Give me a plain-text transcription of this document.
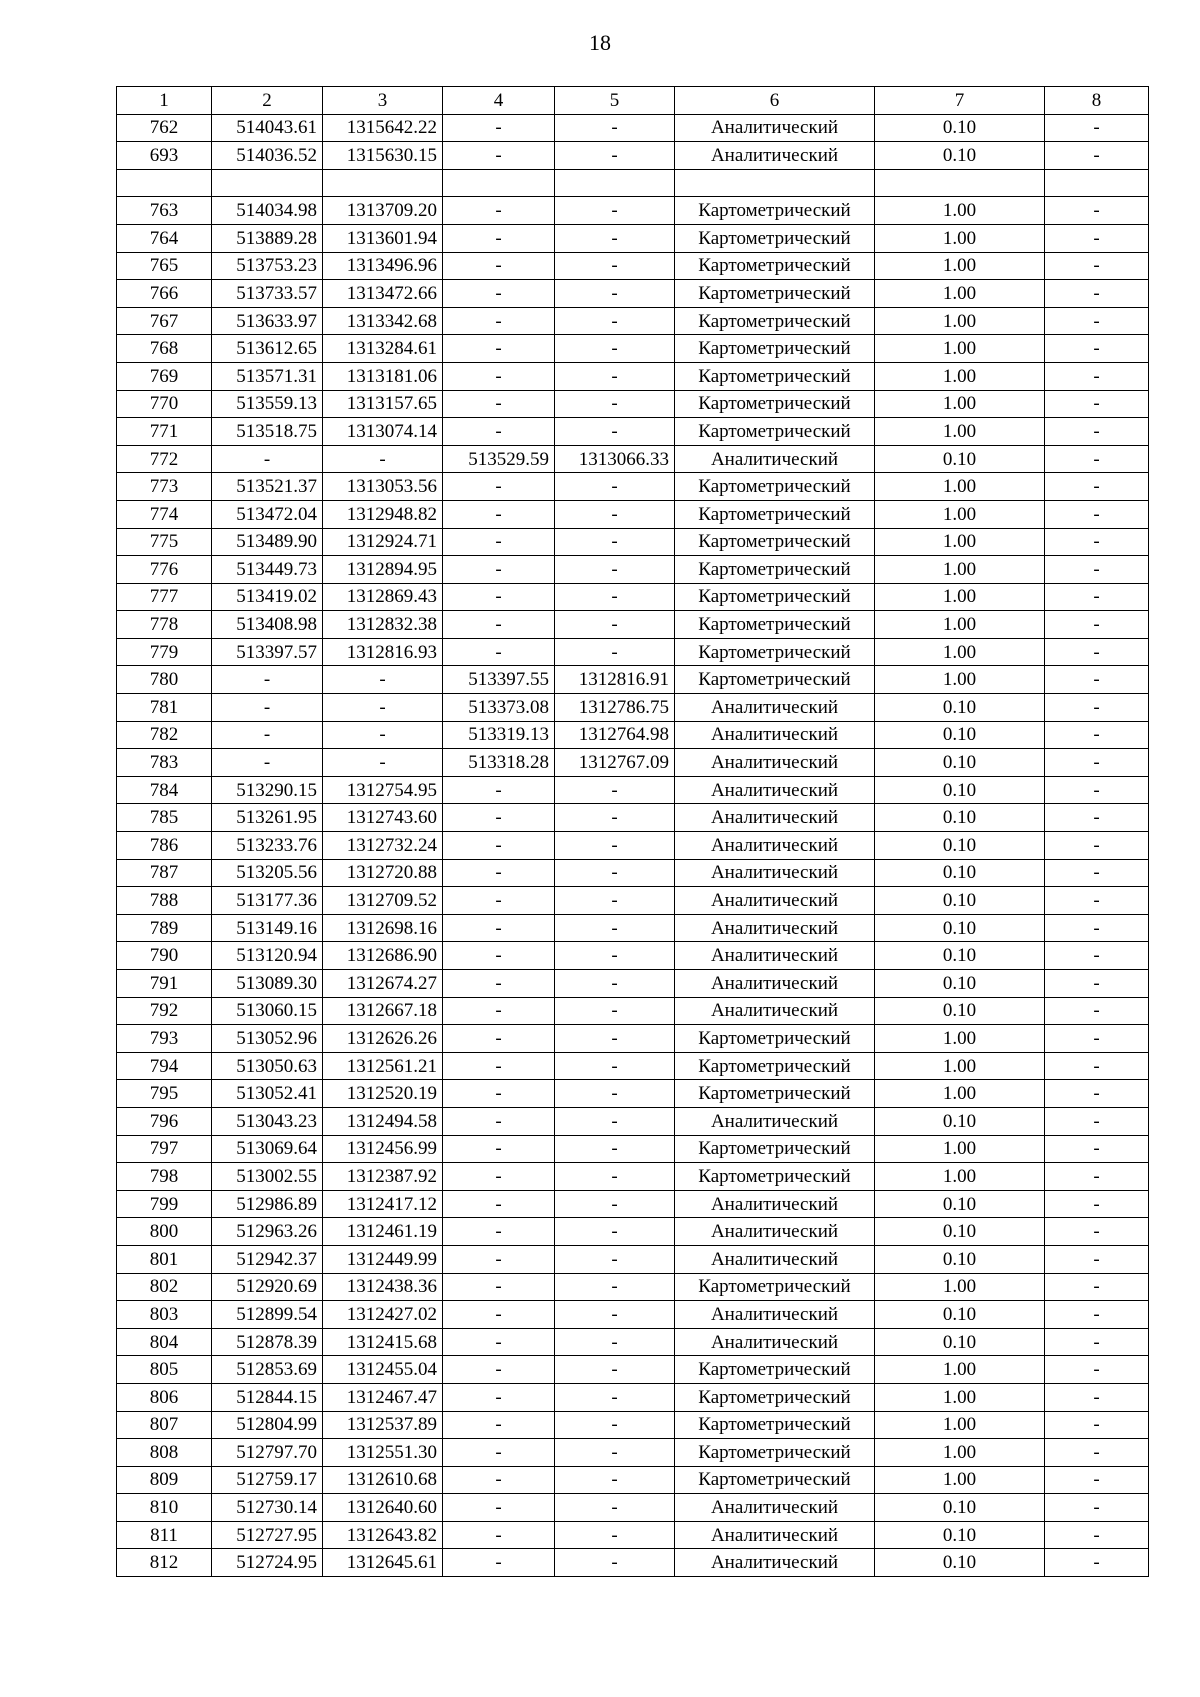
18
1	2	3	4	5	6	7	8
762	514043.61	1315642.22	-	-	Аналитический	0.10	-
693	514036.52	1315630.15	-	-	Аналитический	0.10	-

763	514034.98	1313709.20	-	-	Картометрический	1.00	-
764	513889.28	1313601.94	-	-	Картометрический	1.00	-
765	513753.23	1313496.96	-	-	Картометрический	1.00	-
766	513733.57	1313472.66	-	-	Картометрический	1.00	-
767	513633.97	1313342.68	-	-	Картометрический	1.00	-
768	513612.65	1313284.61	-	-	Картометрический	1.00	-
769	513571.31	1313181.06	-	-	Картометрический	1.00	-
770	513559.13	1313157.65	-	-	Картометрический	1.00	-
771	513518.75	1313074.14	-	-	Картометрический	1.00	-
772	-	-	513529.59	1313066.33	Аналитический	0.10	-
773	513521.37	1313053.56	-	-	Картометрический	1.00	-
774	513472.04	1312948.82	-	-	Картометрический	1.00	-
775	513489.90	1312924.71	-	-	Картометрический	1.00	-
776	513449.73	1312894.95	-	-	Картометрический	1.00	-
777	513419.02	1312869.43	-	-	Картометрический	1.00	-
778	513408.98	1312832.38	-	-	Картометрический	1.00	-
779	513397.57	1312816.93	-	-	Картометрический	1.00	-
780	-	-	513397.55	1312816.91	Картометрический	1.00	-
781	-	-	513373.08	1312786.75	Аналитический	0.10	-
782	-	-	513319.13	1312764.98	Аналитический	0.10	-
783	-	-	513318.28	1312767.09	Аналитический	0.10	-
784	513290.15	1312754.95	-	-	Аналитический	0.10	-
785	513261.95	1312743.60	-	-	Аналитический	0.10	-
786	513233.76	1312732.24	-	-	Аналитический	0.10	-
787	513205.56	1312720.88	-	-	Аналитический	0.10	-
788	513177.36	1312709.52	-	-	Аналитический	0.10	-
789	513149.16	1312698.16	-	-	Аналитический	0.10	-
790	513120.94	1312686.90	-	-	Аналитический	0.10	-
791	513089.30	1312674.27	-	-	Аналитический	0.10	-
792	513060.15	1312667.18	-	-	Аналитический	0.10	-
793	513052.96	1312626.26	-	-	Картометрический	1.00	-
794	513050.63	1312561.21	-	-	Картометрический	1.00	-
795	513052.41	1312520.19	-	-	Картометрический	1.00	-
796	513043.23	1312494.58	-	-	Аналитический	0.10	-
797	513069.64	1312456.99	-	-	Картометрический	1.00	-
798	513002.55	1312387.92	-	-	Картометрический	1.00	-
799	512986.89	1312417.12	-	-	Аналитический	0.10	-
800	512963.26	1312461.19	-	-	Аналитический	0.10	-
801	512942.37	1312449.99	-	-	Аналитический	0.10	-
802	512920.69	1312438.36	-	-	Картометрический	1.00	-
803	512899.54	1312427.02	-	-	Аналитический	0.10	-
804	512878.39	1312415.68	-	-	Аналитический	0.10	-
805	512853.69	1312455.04	-	-	Картометрический	1.00	-
806	512844.15	1312467.47	-	-	Картометрический	1.00	-
807	512804.99	1312537.89	-	-	Картометрический	1.00	-
808	512797.70	1312551.30	-	-	Картометрический	1.00	-
809	512759.17	1312610.68	-	-	Картометрический	1.00	-
810	512730.14	1312640.60	-	-	Аналитический	0.10	-
811	512727.95	1312643.82	-	-	Аналитический	0.10	-
812	512724.95	1312645.61	-	-	Аналитический	0.10	-
